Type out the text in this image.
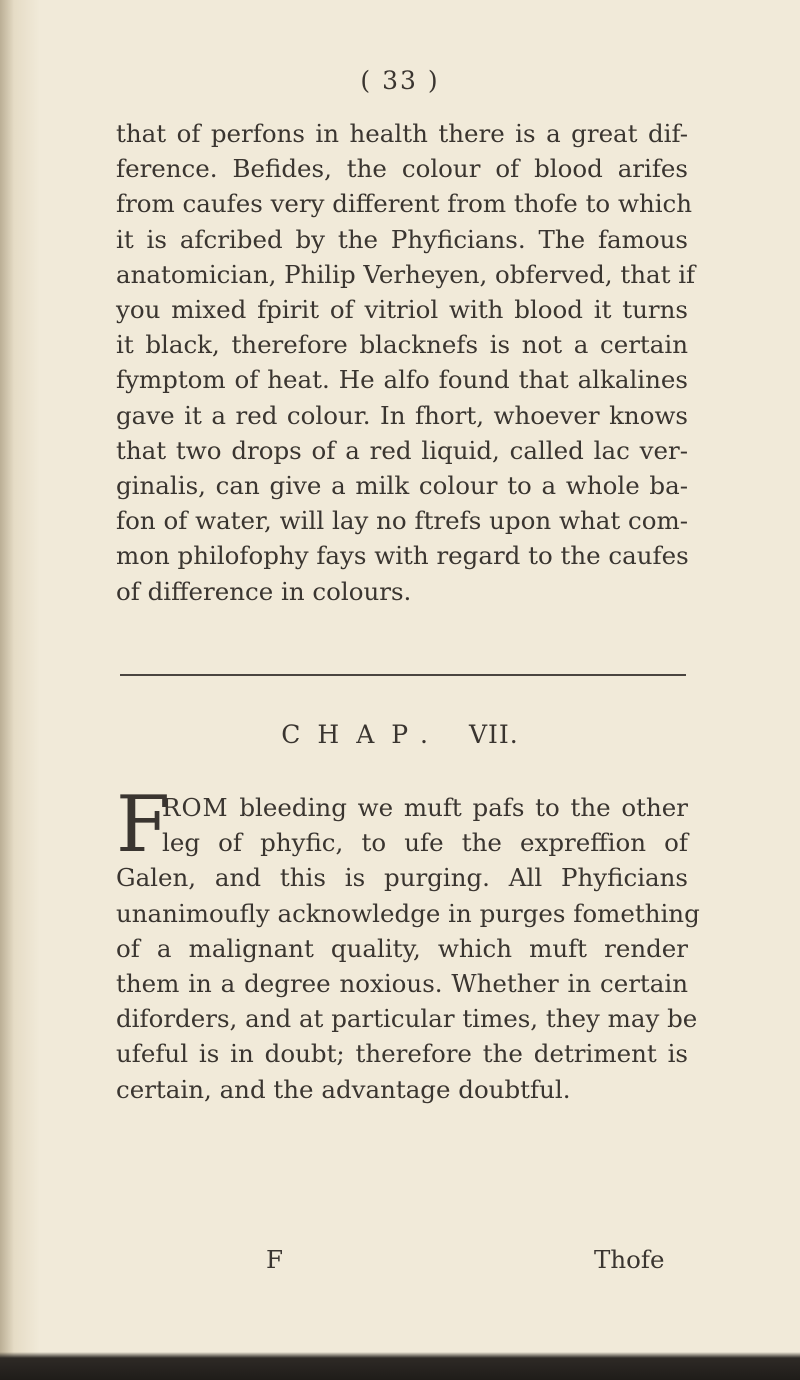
( 33 )
that of perfons in health there is a great dif-
ference. Befides, the colour of blood arifes
from caufes very different from thofe to which
it is afcribed by the Phyficians. The famous
anatomician, Philip Verheyen, obferved, that if
you mixed fpirit of vitriol with blood it turns
it black, therefore blacknefs is not a certain
fymptom of heat. He alfo found that alkalines
gave it a red colour. In fhort, whoever knows
that two drops of a red liquid, called lac ver-
ginalis, can give a milk colour to a whole ba-
fon of water, will lay no ftrefs upon what com-
mon philofophy fays with regard to the caufes
of difference in colours.
CHAP. VII.
F
ROM bleeding we muft pafs to the other
leg of phyfic, to ufe the expreffion of
Galen, and this is purging. All Phyficians
unanimoufly acknowledge in purges fomething
of a malignant quality, which muft render
them in a degree noxious. Whether in certain
diforders, and at particular times, they may be
ufeful is in doubt; therefore the detriment is
certain, and the advantage doubtful.
F	Thofe
